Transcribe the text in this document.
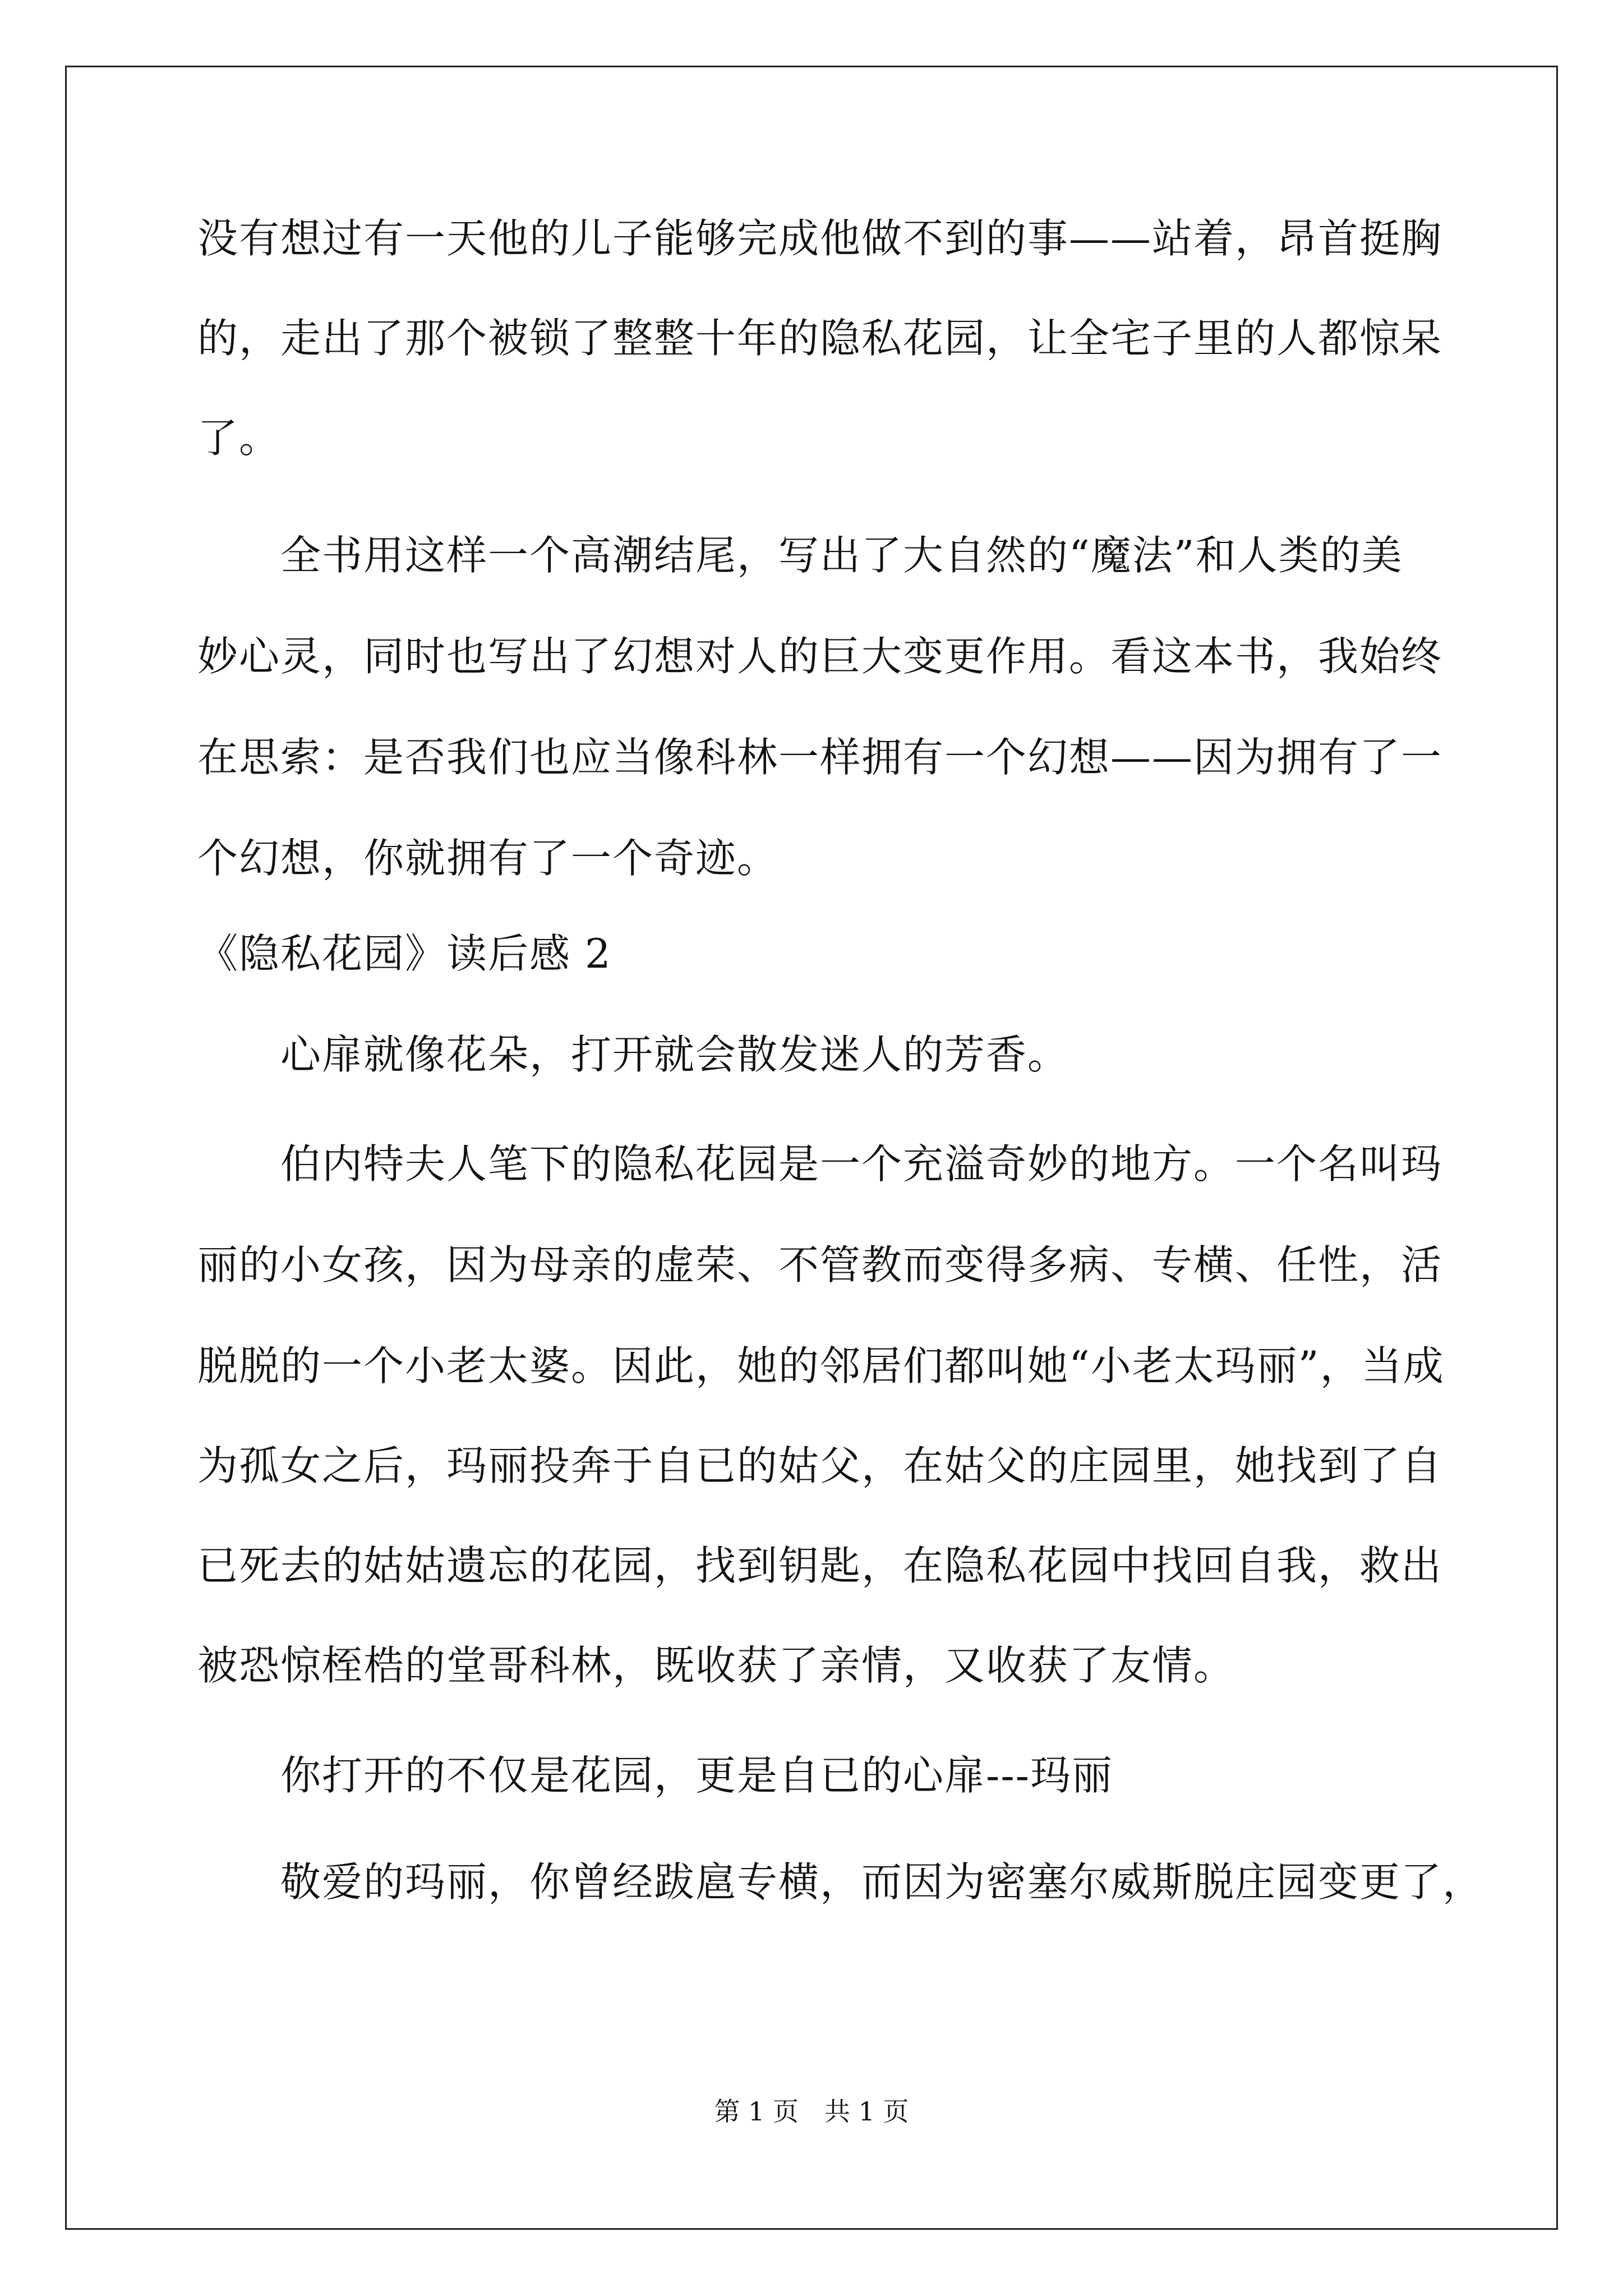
没有想过有一天他的儿子能够完成他做不到的事——站着，昂首挺胸
的，走出了那个被锁了整整十年的隐私花园，让全宅子里的人都惊呆
了。
全书用这样一个高潮结尾，写出了大自然的“魔法”和人类的美
妙心灵，同时也写出了幻想对人的巨大变更作用。看这本书，我始终
在思索：是否我们也应当像科林一样拥有一个幻想——因为拥有了一
个幻想，你就拥有了一个奇迹。
《隐私花园》读后感 2
心扉就像花朵，打开就会散发迷人的芳香。
伯内特夫人笔下的隐私花园是一个充溢奇妙的地方。一个名叫玛
丽的小女孩，因为母亲的虚荣、不管教而变得多病、专横、任性，活
脱脱的一个小老太婆。因此，她的邻居们都叫她“小老太玛丽”，当成
为孤女之后，玛丽投奔于自已的姑父，在姑父的庄园里，她找到了自
已死去的姑姑遗忘的花园，找到钥匙，在隐私花园中找回自我，救出
被恐惊桎梏的堂哥科林，既收获了亲情，又收获了友情。
你打开的不仅是花园，更是自已的心扉---玛丽
敬爱的玛丽，你曾经跋扈专横，而因为密塞尔威斯脱庄园变更了，
第 1 页　共 1 页
